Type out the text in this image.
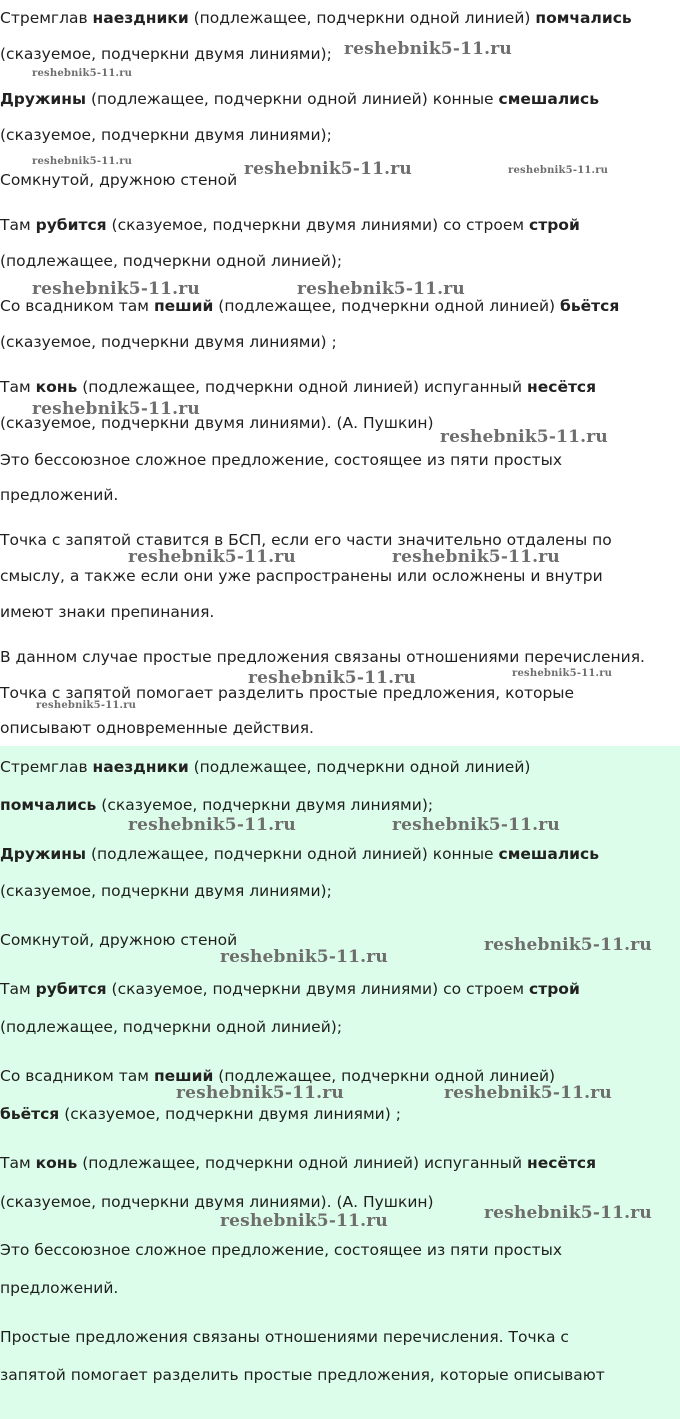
Стремглав наездники (подлежащее, подчеркни одной линией) помчались
(сказуемое, подчеркни двумя линиями);
Дружины (подлежащее, подчеркни одной линией) конные смешались
(сказуемое, подчеркни двумя линиями);
Сомкнутой, дружною стеной
Там рубится (сказуемое, подчеркни двумя линиями) со строем строй
(подлежащее, подчеркни одной линией);
Со всадником там пеший (подлежащее, подчеркни одной линией) бьётся
(сказуемое, подчеркни двумя линиями) ;
Там конь (подлежащее, подчеркни одной линией) испуганный несётся
(сказуемое, подчеркни двумя линиями). (А. Пушкин)
Это бессоюзное сложное предложение, состоящее из пяти простых
предложений.
Точка с запятой ставится в БСП, если его части значительно отдалены по
смыслу, а также если они уже распространены или осложнены и внутри
имеют знаки препинания.
В данном случае простые предложения связаны отношениями перечисления.
Точка с запятой помогает разделить простые предложения, которые
описывают одновременные действия.
Стремглав наездники (подлежащее, подчеркни одной линией)
помчались (сказуемое, подчеркни двумя линиями);
Дружины (подлежащее, подчеркни одной линией) конные смешались
(сказуемое, подчеркни двумя линиями);
Сомкнутой, дружною стеной
Там рубится (сказуемое, подчеркни двумя линиями) со строем строй
(подлежащее, подчеркни одной линией);
Со всадником там пеший (подлежащее, подчеркни одной линией)
бьётся (сказуемое, подчеркни двумя линиями) ;
Там конь (подлежащее, подчеркни одной линией) испуганный несётся
(сказуемое, подчеркни двумя линиями). (А. Пушкин)
Это бессоюзное сложное предложение, состоящее из пяти простых
предложений.
Простые предложения связаны отношениями перечисления. Точка с
запятой помогает разделить простые предложения, которые описывают
reshebnik5-11.ru
reshebnik5-11.ru
reshebnik5-11.ru	reshebnik5-11.ru	reshebnik5-11.ru
reshebnik5-11.ru	reshebnik5-11.ru
reshebnik5-11.ru
reshebnik5-11.ru
reshebnik5-11.ru	reshebnik5-11.ru
reshebnik5-11.ru	reshebnik5-11.ru
reshebnik5-11.ru
reshebnik5-11.ru	reshebnik5-11.ru
reshebnik5-11.ru
reshebnik5-11.ru
reshebnik5-11.ru	reshebnik5-11.ru
reshebnik5-11.ru
reshebnik5-11.ru
